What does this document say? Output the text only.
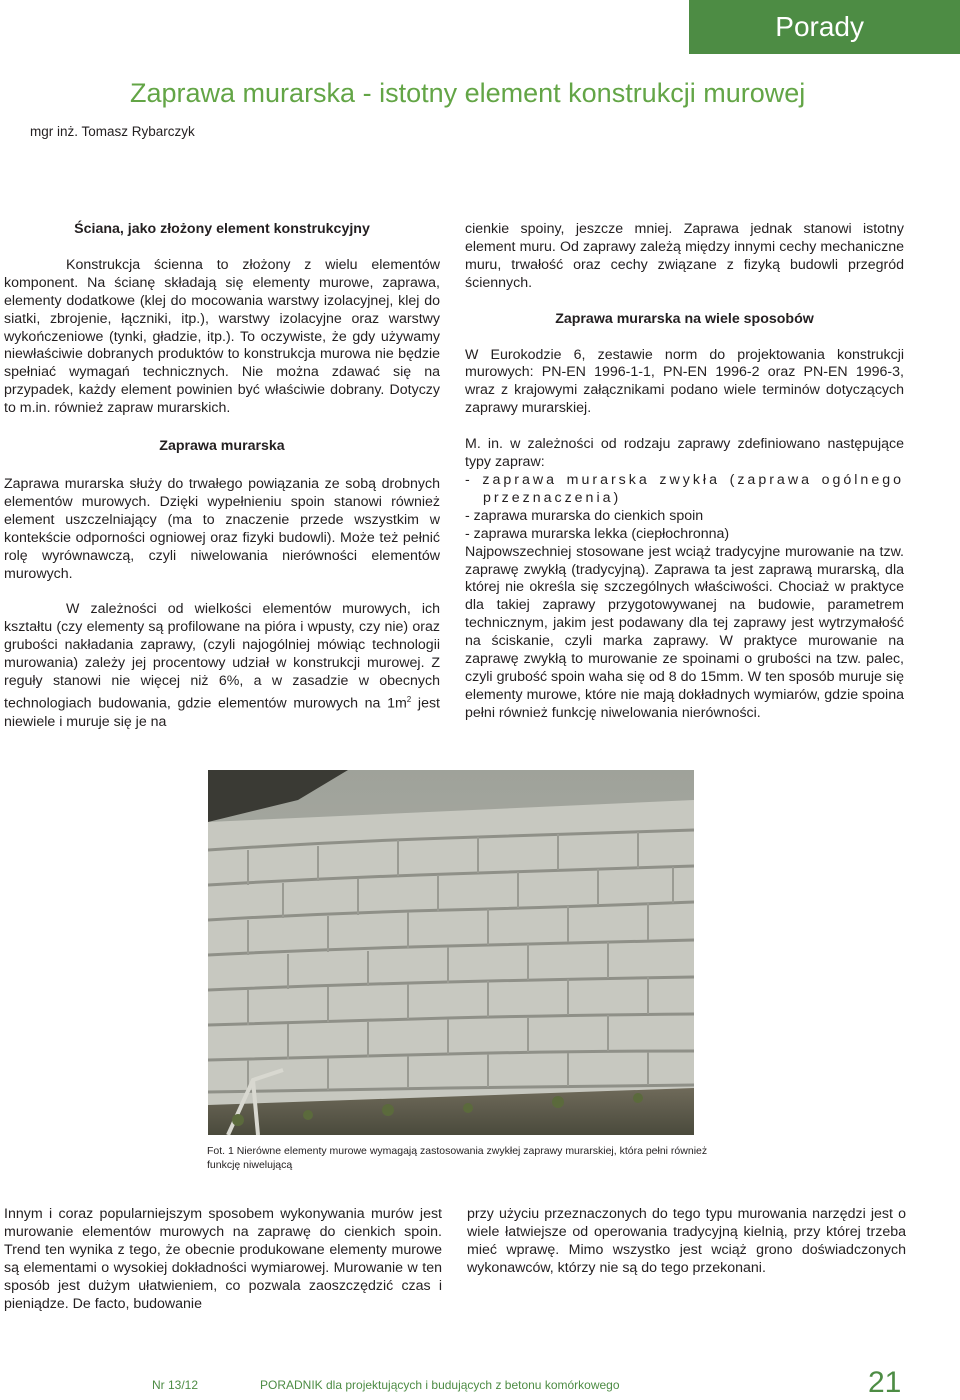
Porady
Zaprawa murarska - istotny element konstrukcji murowej
mgr inż. Tomasz Rybarczyk

Ściana, jako złożony element konstrukcyjny

Konstrukcja ścienna to złożony z wielu elementów komponent. Na ścianę składają się elementy murowe, zaprawa, elementy dodatkowe (klej do mocowania warstwy izolacyjnej, klej do siatki, zbrojenie, łączniki, itp.), warstwy izolacyjne oraz warstwy wykończeniowe (tynki, gładzie, itp.). To oczywiste, że gdy używamy niewłaściwie dobranych produktów to konstrukcja murowa nie będzie spełniać wymagań technicznych. Nie można zdawać się na przypadek, każdy element powinien być właściwie dobrany. Dotyczy to m.in. również zapraw murarskich.

Zaprawa murarska

Zaprawa murarska służy do trwałego powiązania ze sobą drobnych elementów murowych. Dzięki wypełnieniu spoin stanowi również element uszczelniający (ma to znaczenie przede wszystkim w kontekście odporności ogniowej oraz fizyki budowli). Może też pełnić rolę wyrównawczą, czyli niwelowania nierówności elementów murowych.

W zależności od wielkości elementów murowych, ich kształtu (czy elementy są profilowane na pióra i wpusty, czy nie) oraz grubości nakładania zaprawy, (czyli najogólniej mówiąc technologii murowania) zależy jej procentowy udział w konstrukcji murowej. Z reguły stanowi nie więcej niż 6%, a w zasadzie w obecnych technologiach budowania, gdzie elementów murowych na $1m^2$ jest niewiele i muruje się je na

cienkie spoiny, jeszcze mniej. Zaprawa jednak stanowi istotny element muru. Od zaprawy zależą między innymi cechy mechaniczne muru, trwałość oraz cechy związane z fizyką budowli przegród ściennych.

Zaprawa murarska na wiele sposobów

W Eurokodzie 6, zestawie norm do projektowania konstrukcji murowych: PN-EN 1996-1-1, PN-EN 1996-2 oraz PN-EN 1996-3, wraz z krajowymi załącznikami podano wiele terminów dotyczących zaprawy murarskiej.

M. in. w zależności od rodzaju zaprawy zdefiniowano następujące typy zapraw:

- zaprawa murarska zwykła (zaprawa ogólnego przeznaczenia)

- zaprawa murarska do cienkich spoin

- zaprawa murarska lekka (ciepłochronna)

Najpowszechniej stosowane jest wciąż tradycyjne murowanie na tzw. zaprawę zwykłą (tradycyjną). Zaprawa ta jest zaprawą murarską, dla której nie określa się szczególnych właściwości. Chociaż w praktyce dla takiej zaprawy przygotowywanej na budowie, parametrem technicznym, jakim jest podawany dla tej zaprawy jest wytrzymałość na ściskanie, czyli marka zaprawy. W praktyce murowanie na zaprawę zwykłą to murowanie ze spoinami o grubości na tzw. palec, czyli grubość spoin waha się od 8 do 15mm. W ten sposób muruje się elementy murowe, które nie mają dokładnych wymiarów, gdzie spoina pełni również funkcję niwelowania nierówności.

Fot. 1 Nierówne elementy murowe wymagają zastosowania zwykłej zaprawy murarskiej, która pełni również funkcję niwelującą

Innym i coraz popularniejszym sposobem wykonywania murów jest murowanie elementów murowych na zaprawę do cienkich spoin. Trend ten wynika z tego, że obecnie produkowane elementy murowe są elementami o wysokiej dokładności wymiarowej. Murowanie w ten sposób jest dużym ułatwieniem, co pozwala zaoszczędzić czas i pieniądze. De facto, budowanie

przy użyciu przeznaczonych do tego typu murowania narzędzi jest o wiele łatwiejsze od operowania tradycyjną kielnią, przy której trzeba mieć wprawę. Mimo wszystko jest wciąż grono doświadczonych wykonawców, którzy nie są do tego przekonani.

Nr 13/12	PORADNIK dla projektujących i budujących z betonu komórkowego	21
